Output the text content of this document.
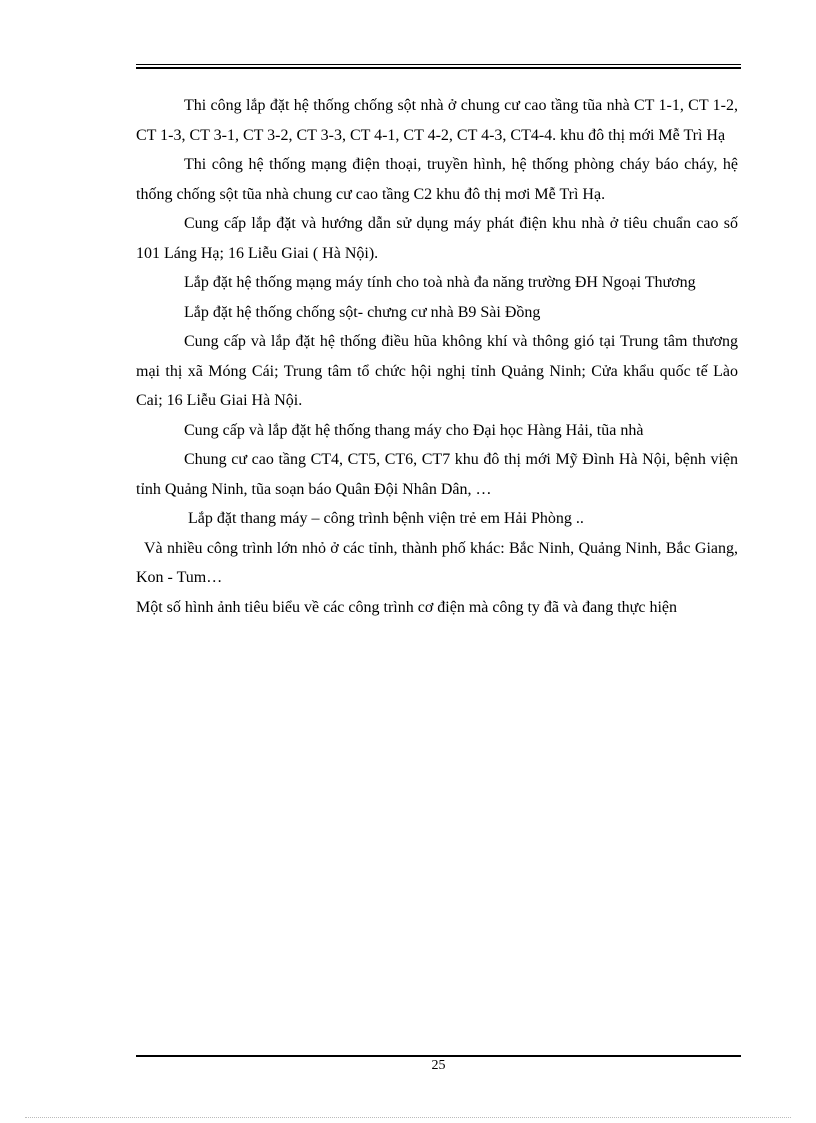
Thi công lắp đặt hệ thống chống sột nhà ở chung cư cao tầng tũa nhà CT 1-1, CT 1-2, CT 1-3, CT 3-1, CT 3-2, CT 3-3, CT 4-1, CT 4-2, CT 4-3, CT4-4. khu đô thị mới Mễ Trì Hạ

Thi công hệ thống mạng điện thoại, truyền hình, hệ thống phòng cháy báo cháy, hệ thống chống sột tũa nhà chung cư cao tầng C2 khu đô thị mơi Mễ Trì Hạ.

Cung cấp lắp đặt và hướng dẫn sử dụng máy phát điện khu nhà ở tiêu chuẩn cao số 101 Láng Hạ; 16 Liễu Giai ( Hà Nội).

Lắp đặt hệ thống mạng máy tính cho toà nhà đa năng trường ĐH Ngoại Thương

Lắp đặt hệ thống chống sột- chưng cư nhà B9 Sài Đồng

Cung cấp và lắp đặt hệ thống điều hũa không khí và thông gió tại Trung tâm thương mại thị xã Móng Cái; Trung tâm tổ chức hội nghị tỉnh Quảng Ninh; Cửa khẩu quốc tế Lào Cai; 16 Liễu Giai Hà Nội.

Cung cấp và lắp đặt hệ thống thang máy cho Đại học Hàng Hải, tũa nhà

Chung cư cao tầng CT4, CT5, CT6, CT7 khu đô thị mới Mỹ Đình Hà Nội, bệnh viện tỉnh Quảng Ninh, tũa soạn báo Quân Đội Nhân Dân, …

Lắp đặt thang máy – công trình bệnh viện trẻ em Hải Phòng ..

Và nhiều công trình lớn nhỏ ở các tỉnh, thành phố khác: Bắc Ninh, Quảng Ninh, Bắc Giang, Kon - Tum…

Một số hình ảnh tiêu biểu về các công trình cơ điện mà công ty đã và đang thực hiện

25
